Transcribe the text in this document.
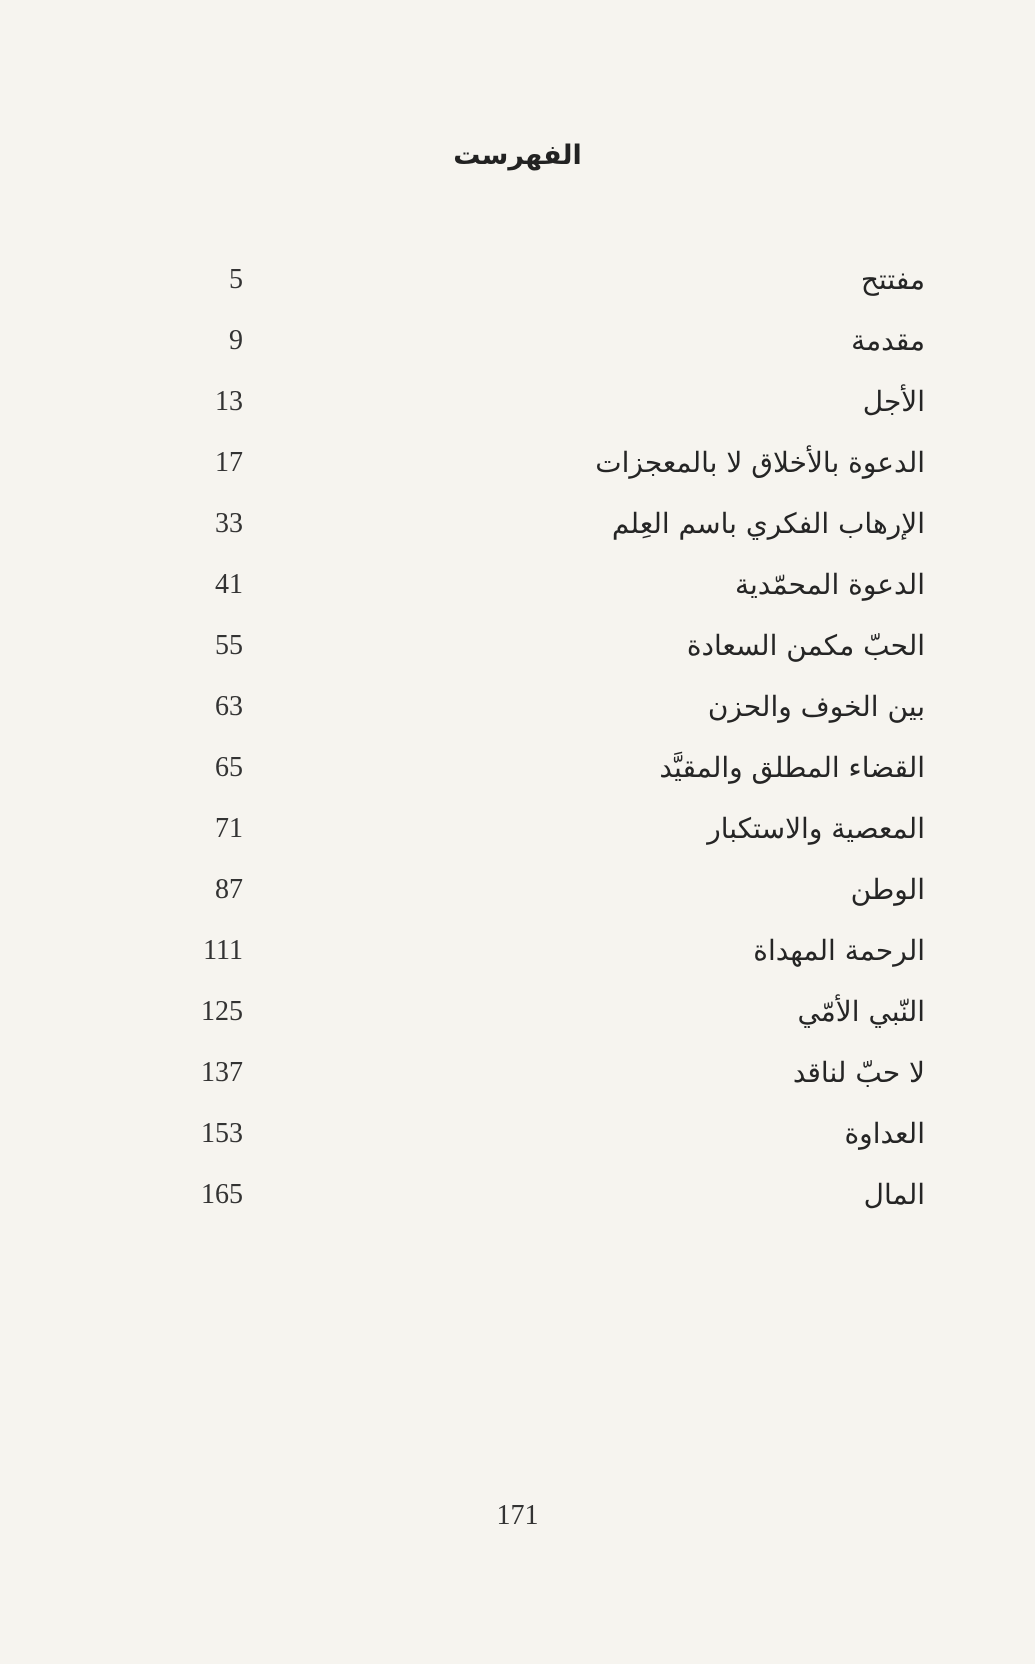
الفهرست
مفتتح
5
مقدمة
9
الأجل
13
الدعوة بالأخلاق لا بالمعجزات
17
الإرهاب الفكري باسم العِلم
33
الدعوة المحمّدية
41
الحبّ مكمن السعادة
55
بين الخوف والحزن
63
القضاء المطلق والمقيَّد
65
المعصية والاستكبار
71
الوطن
87
الرحمة المهداة
111
النّبي الأمّي
125
لا حبّ لناقد
137
العداوة
153
المال
165
171
